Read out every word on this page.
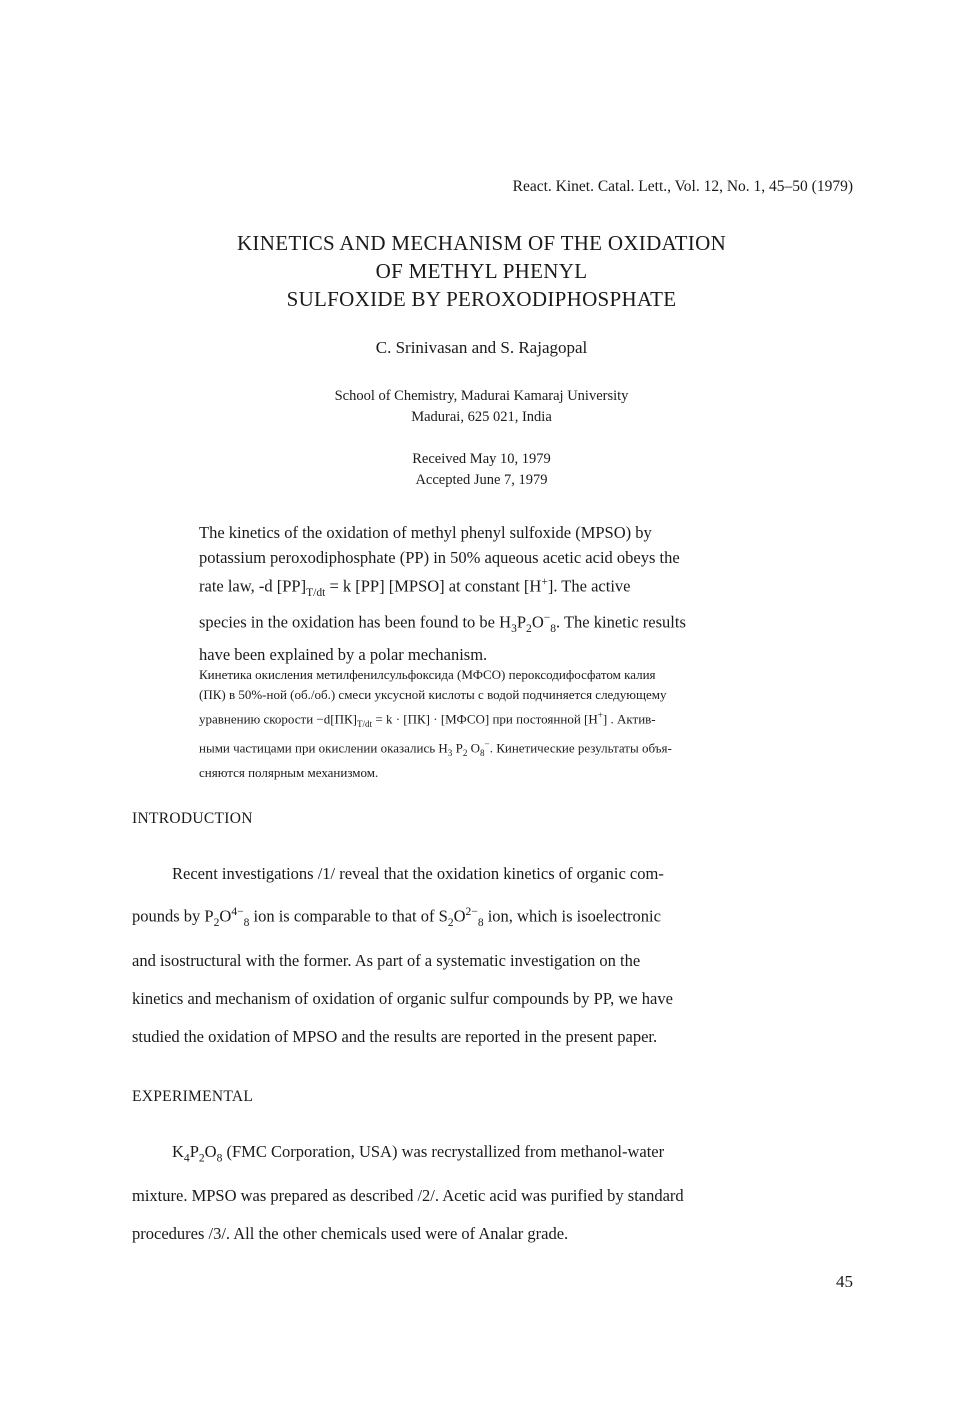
React. Kinet. Catal. Lett., Vol. 12, No. 1, 45–50 (1979)
KINETICS AND MECHANISM OF THE OXIDATION
OF METHYL PHENYL
SULFOXIDE BY PEROXODIPHOSPHATE
C. Srinivasan and S. Rajagopal
School of Chemistry, Madurai Kamaraj University
Madurai, 625 021, India
Received May 10, 1979
Accepted June 7, 1979
The kinetics of the oxidation of methyl phenyl sulfoxide (MPSO) by
potassium peroxodiphosphate (PP) in 50% aqueous acetic acid obeys the
rate law, -d $[PP]_{T/dt} = k$ [PP] [MPSO] at constant [H+]. The active
species in the oxidation has been found to be $H_3P_2O^-_8$. The kinetic results
have been explained by a polar mechanism.
Кинетика окисления метилфенилсульфоксида (МФСО) пероксодифосфатом калия
(ПК) в 50%-ной (об./об.) смеси уксусной кислоты с водой подчиняется следующему
уравнению скорости $-d[ПК]_{T/dt} = k \cdot [ПК]$ · [МФСО] при постоянной [H+] . Актив-
ными частицами при окислении оказались $H_3$ $P_2$ $O_8^-$. Кинетические результаты объя-
сняются полярным механизмом.
INTRODUCTION
Recent investigations /1/ reveal that the oxidation kinetics of organic com-
pounds by $P_2O^{4-}_8$ ion is comparable to that of $S_2O^{2-}_8$ ion, which is isoelectronic
and isostructural with the former. As part of a systematic investigation on the
kinetics and mechanism of oxidation of organic sulfur compounds by PP, we have
studied the oxidation of MPSO and the results are reported in the present paper.
EXPERIMENTAL
$K_4P_2O_8$ (FMC Corporation, USA) was recrystallized from methanol-water
mixture. MPSO was prepared as described /2/. Acetic acid was purified by standard
procedures /3/. All the other chemicals used were of Analar grade.
45
